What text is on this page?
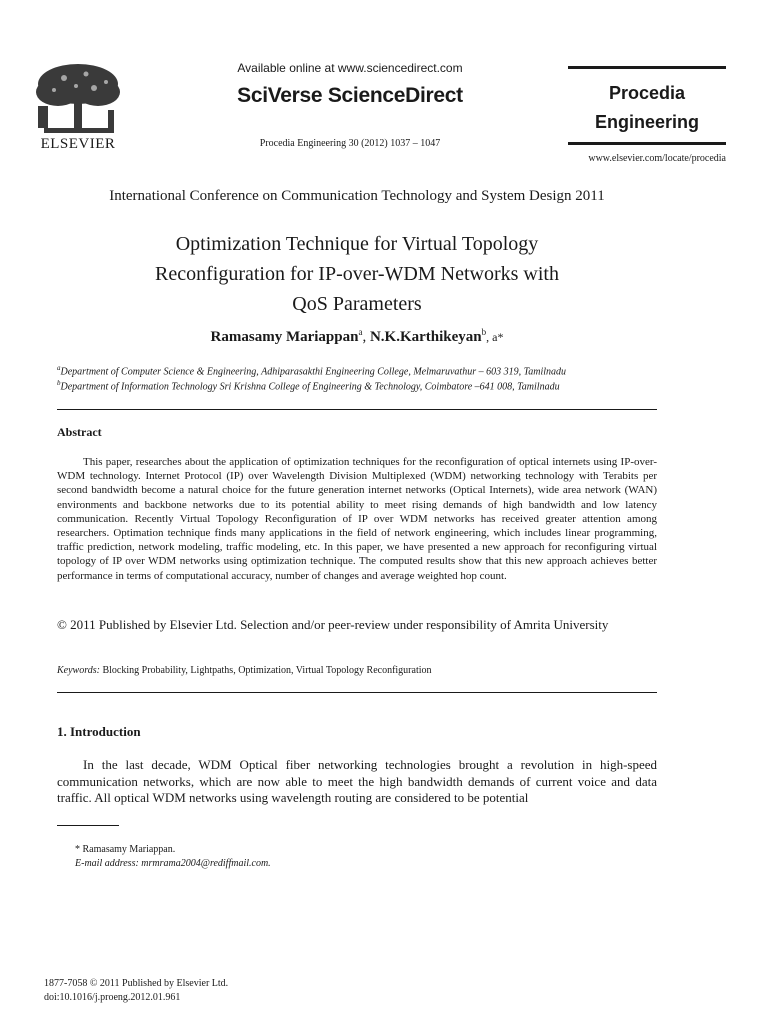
ELSEVIER
Available online at www.sciencedirect.com
SciVerse ScienceDirect
Procedia Engineering 30 (2012) 1037 – 1047
Procedia
Engineering
www.elsevier.com/locate/procedia
International Conference on Communication Technology and System Design 2011
Optimization Technique for Virtual Topology
Reconfiguration for IP-over-WDM Networks with
QoS Parameters
Ramasamy Mariappan$^a$, N.K.Karthikeyan$^b$, a*
$^a$Department of Computer Science & Engineering, Adhiparasakthi Engineering College, Melmaruvathur – 603 319, Tamilnadu
$^b$Department of Information Technology Sri Krishna College of Engineering & Technology, Coimbatore –641 008, Tamilnadu
Abstract
This paper, researches about the application of optimization techniques for the reconfiguration of optical internets using IP-over-WDM technology. Internet Protocol (IP) over Wavelength Division Multiplexed (WDM) networking technology with Terabits per second bandwidth become a natural choice for the future generation internet networks (Optical Internets), wide area network (WAN) environments and backbone networks due to its potential ability to meet rising demands of high bandwidth and low latency communication. Recently Virtual Topology Reconfiguration of IP over WDM networks has received greater attention among researchers. Optimation technique finds many applications in the field of network engineering, which includes linear programming, traffic prediction, network modeling, traffic modeling, etc. In this paper, we have presented a new approach for reconfiguring virtual topology of IP over WDM networks using optimization technique. The computed results show that this new approach achieves better performance in terms of computational accuracy, number of changes and average weighted hop count.
© 2011 Published by Elsevier Ltd. Selection and/or peer-review under responsibility of Amrita University
Keywords: Blocking Probability, Lightpaths, Optimization, Virtual Topology Reconfiguration
1. Introduction
In the last decade, WDM Optical fiber networking technologies brought a revolution in high-speed communication networks, which are now able to meet the high bandwidth demands of current voice and data traffic. All optical WDM networks using wavelength routing are considered to be potential
* Ramasamy Mariappan.
E-mail address: mrmrama2004@rediffmail.com.
1877-7058 © 2011 Published by Elsevier Ltd.
doi:10.1016/j.proeng.2012.01.961
